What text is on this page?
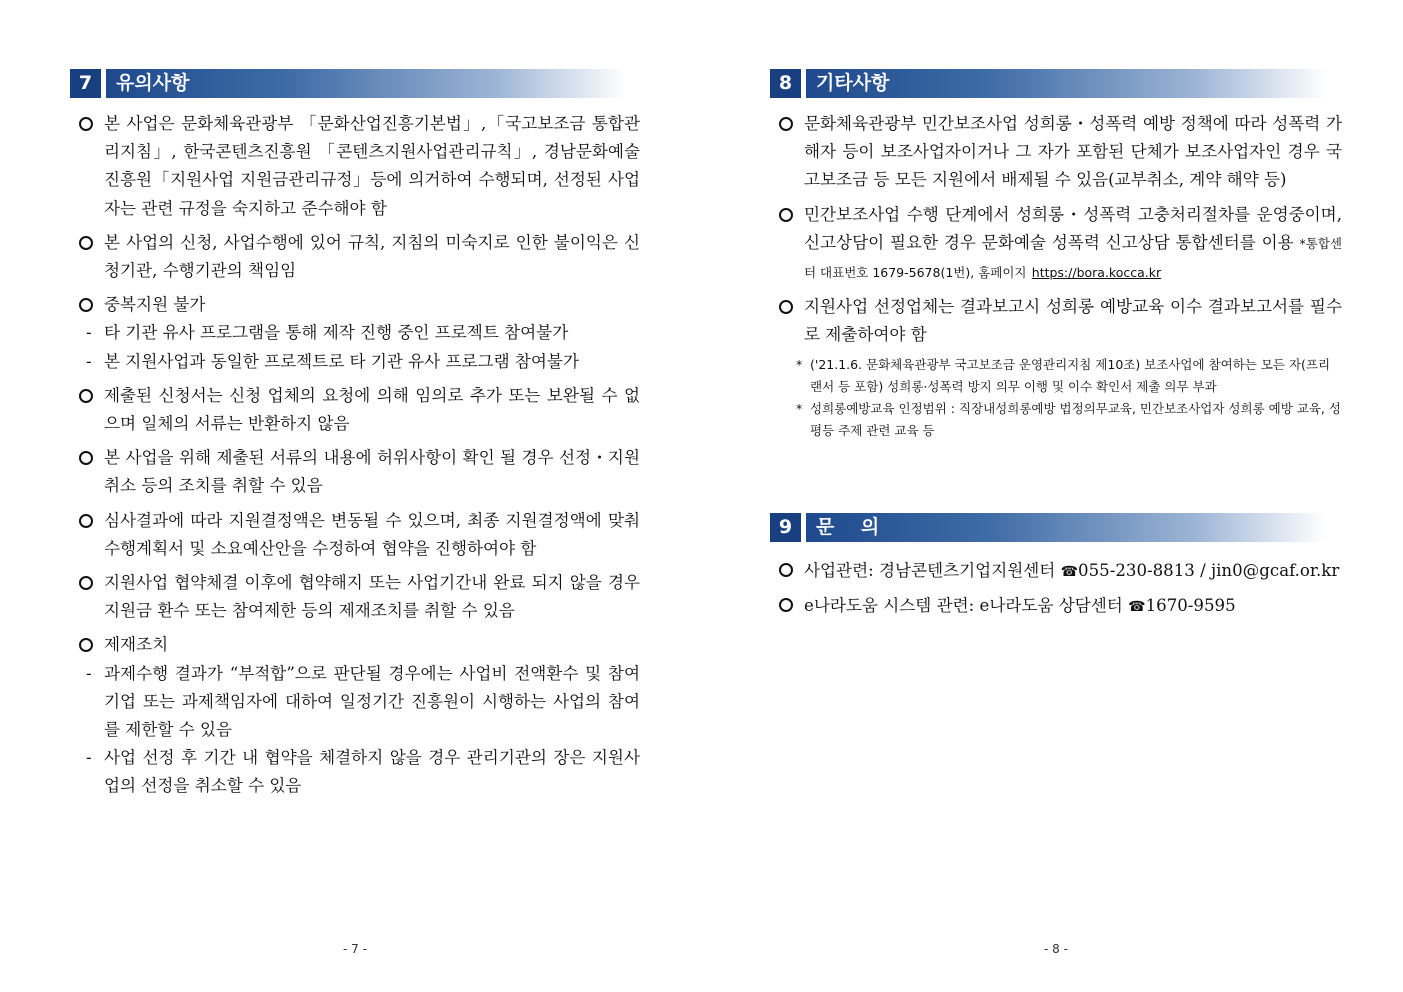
7	유의사항
본 사업은 문화체육관광부 「문화산업진흥기본법」,「국고보조금 통합관리지침」, 한국콘텐츠진흥원 「콘텐츠지원사업관리규칙」, 경남문화예술진흥원「지원사업 지원금관리규정」등에 의거하여 수행되며, 선정된 사업자는 관련 규정을 숙지하고 준수해야 함
본 사업의 신청, 사업수행에 있어 규칙, 지침의 미숙지로 인한 불이익은 신청기관, 수행기관의 책임임
중복지원 불가
- 타 기관 유사 프로그램을 통해 제작 진행 중인 프로젝트 참여불가
- 본 지원사업과 동일한 프로젝트로 타 기관 유사 프로그램 참여불가
제출된 신청서는 신청 업체의 요청에 의해 임의로 추가 또는 보완될 수 없으며 일체의 서류는 반환하지 않음
본 사업을 위해 제출된 서류의 내용에 허위사항이 확인 될 경우 선정・지원취소 등의 조치를 취할 수 있음
심사결과에 따라 지원결정액은 변동될 수 있으며, 최종 지원결정액에 맞춰 수행계획서 및 소요예산안을 수정하여 협약을 진행하여야 함
지원사업 협약체결 이후에 협약해지 또는 사업기간내 완료 되지 않을 경우 지원금 환수 또는 참여제한 등의 제재조치를 취할 수 있음
제재조치
- 과제수행 결과가 “부적합”으로 판단될 경우에는 사업비 전액환수 및 참여기업 또는 과제책임자에 대하여 일정기간 진흥원이 시행하는 사업의 참여를 제한할 수 있음
- 사업 선정 후 기간 내 협약을 체결하지 않을 경우 관리기관의 장은 지원사업의 선정을 취소할 수 있음
- 7 -
8	기타사항
문화체육관광부 민간보조사업 성희롱・성폭력 예방 정책에 따라 성폭력 가해자 등이 보조사업자이거나 그 자가 포함된 단체가 보조사업자인 경우 국고보조금 등 모든 지원에서 배제될 수 있음(교부취소, 계약 해약 등)
민간보조사업 수행 단계에서 성희롱・성폭력 고충처리절차를 운영중이며, 신고상담이 필요한 경우 문화예술 성폭력 신고상담 통합센터를 이용 *통합센터 대표번호 1679-5678(1번), 홈페이지 https://bora.kocca.kr
지원사업 선정업체는 결과보고시 성희롱 예방교육 이수 결과보고서를 필수로 제출하여야 함
* ('21.1.6. 문화체육관광부 국고보조금 운영관리지침 제10조) 보조사업에 참여하는 모든 자(프리랜서 등 포함) 성희롱·성폭력 방지 의무 이행 및 이수 확인서 제출 의무 부과
* 성희롱예방교육 인정범위 : 직장내성희롱예방 법정의무교육, 민간보조사업자 성희롱 예방 교육, 성평등 주제 관련 교육 등
9	문    의
사업관련: 경남콘텐츠기업지원센터 ☎055-230-8813 / jin0@gcaf.or.kr
e나라도움 시스템 관련: e나라도움 상담센터 ☎1670-9595
- 8 -
